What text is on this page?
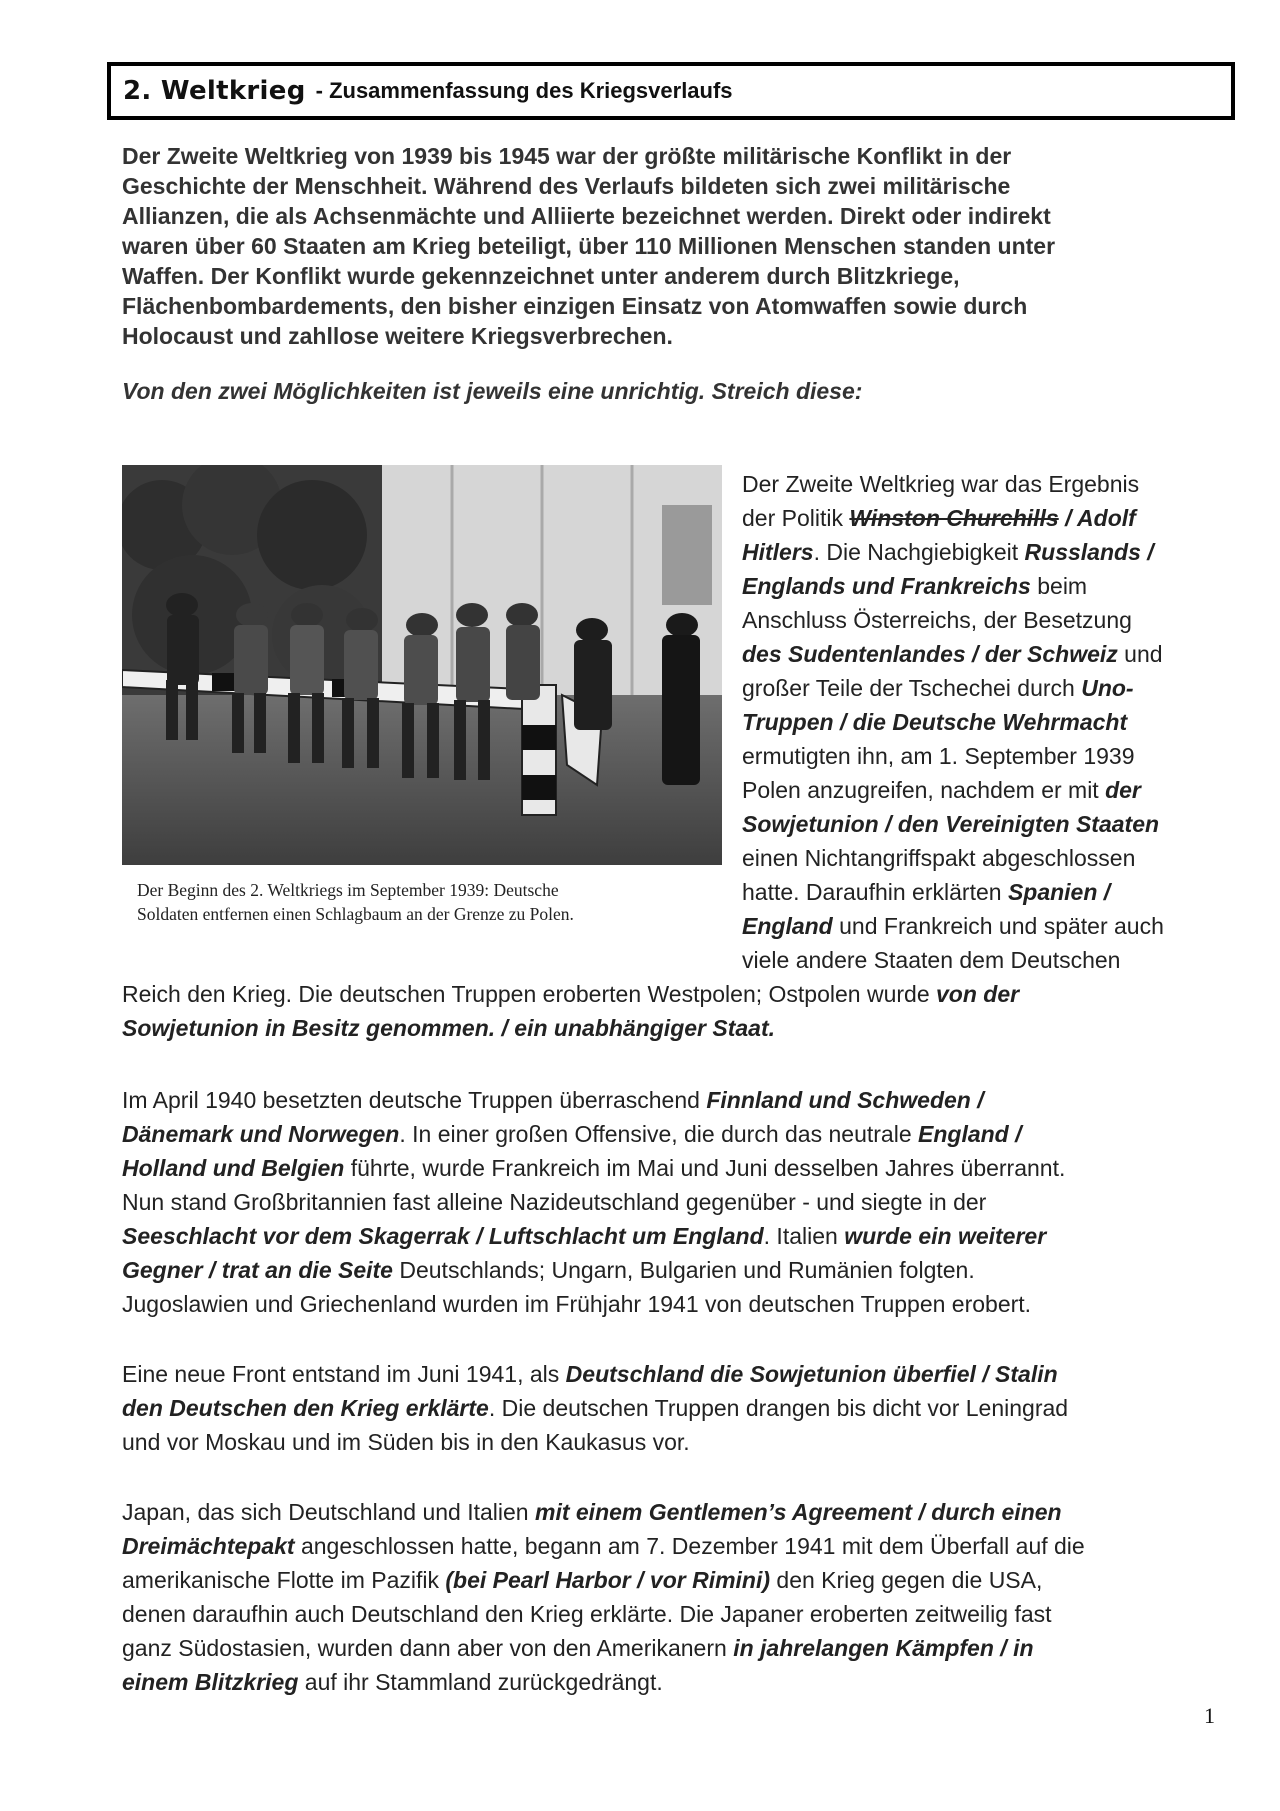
2. Weltkrieg - Zusammenfassung des Kriegsverlaufs

Der Zweite Weltkrieg von 1939 bis 1945 war der größte militärische Konflikt in der

Geschichte der Menschheit. Während des Verlaufs bildeten sich zwei militärische

Allianzen, die als Achsenmächte und Alliierte bezeichnet werden. Direkt oder indirekt

waren über 60 Staaten am Krieg beteiligt, über 110 Millionen Menschen standen unter

Waffen. Der Konflikt wurde gekennzeichnet unter anderem durch Blitzkriege,

Flächenbombardements, den bisher einzigen Einsatz von Atomwaffen sowie durch

Holocaust und zahllose weitere Kriegsverbrechen.

Von den zwei Möglichkeiten ist jeweils eine unrichtig. Streich diese:
Der Beginn des 2. Weltkriegs im September 1939: Deutsche
Soldaten entfernen einen Schlagbaum an der Grenze zu Polen.
Der Zweite Weltkrieg war das Ergebnis
der Politik Winston Churchills / Adolf
Hitlers. Die Nachgiebigkeit Russlands /
Englands und Frankreichs beim
Anschluss Österreichs, der Besetzung
des Sudentenlandes / der Schweiz und
großer Teile der Tschechei durch Uno-
Truppen / die Deutsche Wehrmacht
ermutigten ihn, am 1. September 1939
Polen anzugreifen, nachdem er mit der
Sowjetunion / den Vereinigten Staaten
einen Nichtangriffspakt abgeschlossen
hatte. Daraufhin erklärten Spanien /
England und Frankreich und später auch
viele andere Staaten dem Deutschen
Reich den Krieg. Die deutschen Truppen eroberten Westpolen; Ostpolen wurde von der
Sowjetunion in Besitz genommen. / ein unabhängiger Staat.
Im April 1940 besetzten deutsche Truppen überraschend Finnland und Schweden /
Dänemark und Norwegen. In einer großen Offensive, die durch das neutrale England /
Holland und Belgien führte, wurde Frankreich im Mai und Juni desselben Jahres überrannt.
Nun stand Großbritannien fast alleine Nazideutschland gegenüber - und siegte in der
Seeschlacht vor dem Skagerrak / Luftschlacht um England. Italien wurde ein weiterer
Gegner / trat an die Seite Deutschlands; Ungarn, Bulgarien und Rumänien folgten.
Jugoslawien und Griechenland wurden im Frühjahr 1941 von deutschen Truppen erobert.
Eine neue Front entstand im Juni 1941, als Deutschland die Sowjetunion überfiel / Stalin
den Deutschen den Krieg erklärte. Die deutschen Truppen drangen bis dicht vor Leningrad
und vor Moskau und im Süden bis in den Kaukasus vor.
Japan, das sich Deutschland und Italien mit einem Gentlemen’s Agreement / durch einen
Dreimächtepakt angeschlossen hatte, begann am 7. Dezember 1941 mit dem Überfall auf die
amerikanische Flotte im Pazifik (bei Pearl Harbor / vor Rimini) den Krieg gegen die USA,
denen daraufhin auch Deutschland den Krieg erklärte. Die Japaner eroberten zeitweilig fast
ganz Südostasien, wurden dann aber von den Amerikanern in jahrelangen Kämpfen / in
einem Blitzkrieg auf ihr Stammland zurückgedrängt.
1
